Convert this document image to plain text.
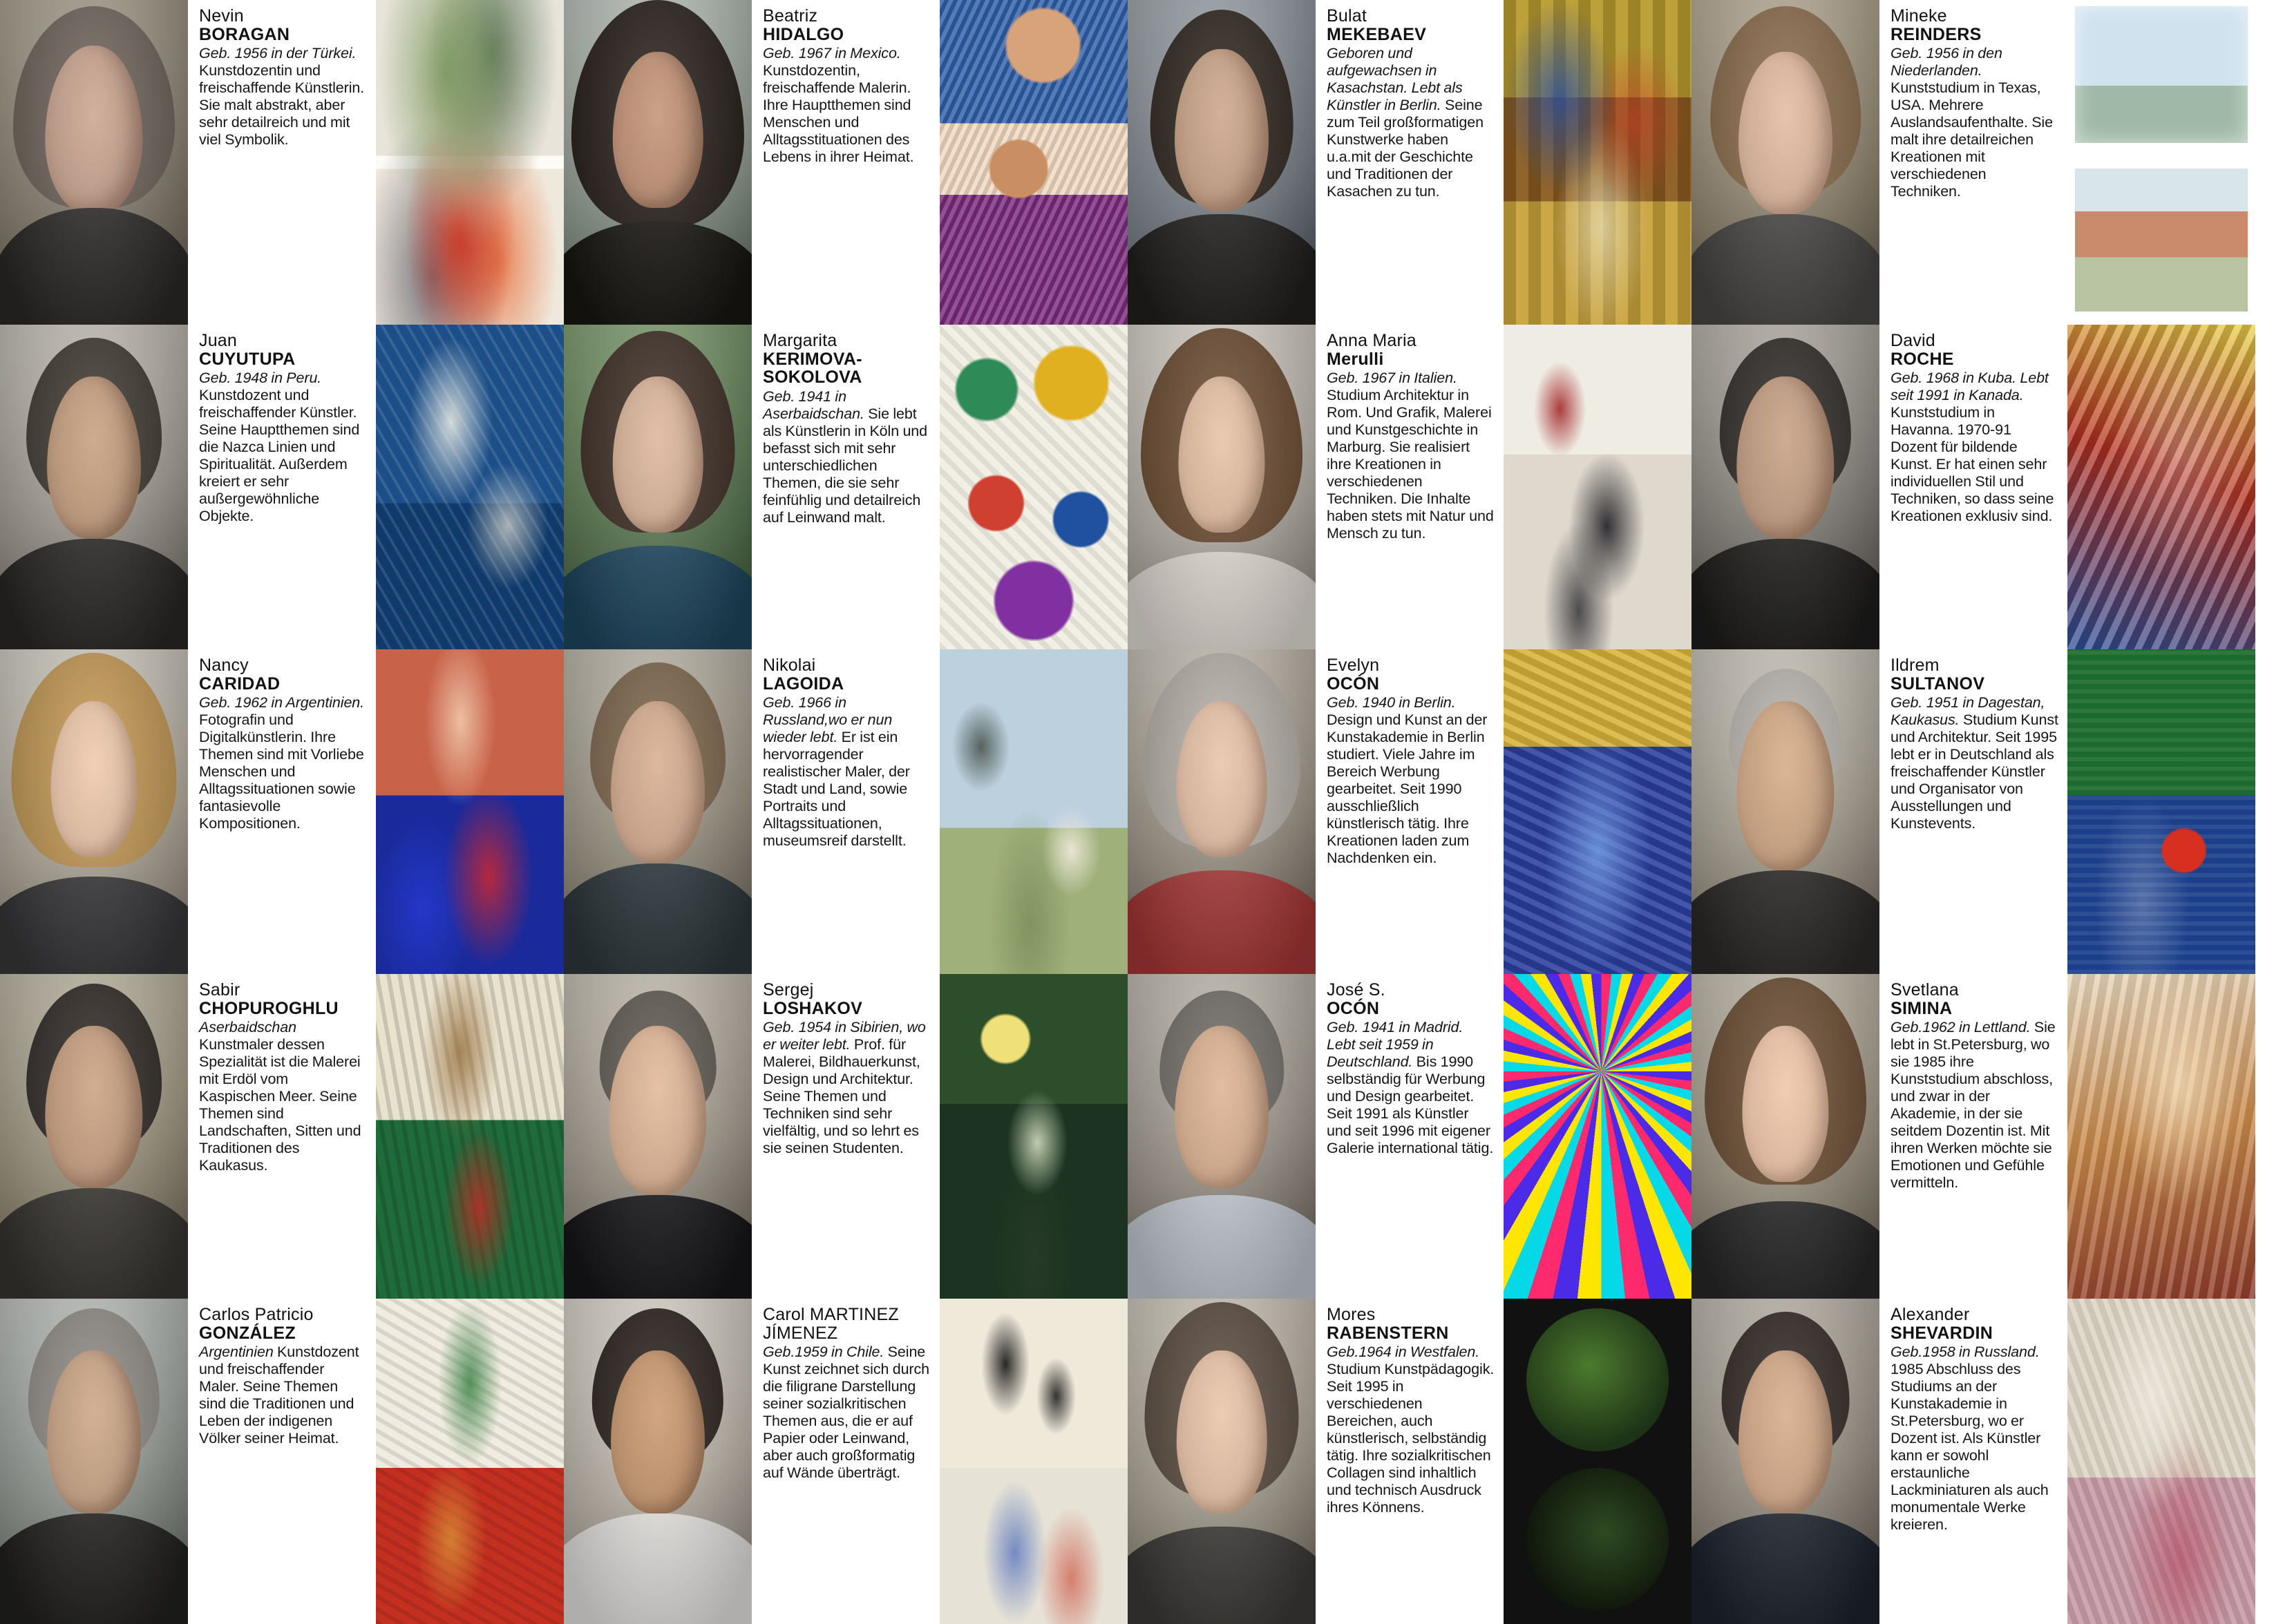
Nevin
BORAGAN
Geb. 1956 in der Türkei. Kunstdozentin und freischaffende Künstlerin. Sie malt abstrakt, aber sehr detailreich und mit viel Symbolik.
Beatriz
HIDALGO
Geb. 1967 in Mexico. Kunstdozentin, freischaffende Malerin. Ihre Hauptthemen sind Menschen und Alltagsstituationen des Lebens in ihrer Heimat.
Bulat
MEKEBAEV
Geboren und aufgewachsen in Kasachstan. Lebt als Künstler in Berlin. Seine zum Teil großformatigen Kunstwerke haben u.a.mit der Geschichte und Traditionen der Kasachen zu tun.
Mineke
REINDERS
Geb. 1956 in den Niederlanden. Kunststudium in Texas, USA. Mehrere Auslandsaufenthalte. Sie malt ihre detailreichen Kreationen mit verschiedenen Techniken.
Juan
CUYUTUPA
Geb. 1948 in Peru. Kunstdozent und freischaffender Künstler. Seine Hauptthemen sind die Nazca Linien und Spiritualität. Außerdem kreiert er sehr außergewöhnliche Objekte.
Margarita
KERIMOVA-SOKOLOVA
Geb. 1941 in Aserbaidschan. Sie lebt als Künstlerin in Köln und befasst sich mit sehr unterschiedlichen Themen, die sie sehr feinfühlig und detailreich auf Leinwand malt.
Anna Maria
Merulli
Geb. 1967 in Italien. Studium Architektur in Rom. Und Grafik, Malerei und Kunstgeschichte in Marburg. Sie realisiert ihre Kreationen in verschiedenen Techniken. Die Inhalte haben stets mit Natur und Mensch zu tun.
David
ROCHE
Geb. 1968 in Kuba. Lebt seit 1991 in Kanada. Kunststudium in Havanna. 1970-91 Dozent für bildende Kunst. Er hat einen sehr individuellen Stil und Techniken, so dass seine Kreationen exklusiv sind.
Nancy
CARIDAD
Geb. 1962 in Argentinien. Fotografin und Digitalkünstlerin. Ihre Themen sind mit Vorliebe Menschen und Alltagssituationen sowie fantasievolle Kompositionen.
Nikolai
LAGOIDA
Geb. 1966 in Russland,wo er nun wieder lebt. Er ist ein hervorragender realistischer Maler, der Stadt und Land, sowie Portraits und Alltagssituationen, museumsreif darstellt.
Evelyn
OCÓN
Geb. 1940 in Berlin. Design und Kunst an der Kunstakademie in Berlin studiert. Viele Jahre im Bereich Werbung gearbeitet. Seit 1990 ausschließlich künstlerisch tätig. Ihre Kreationen laden zum Nachdenken ein.
Ildrem
SULTANOV
Geb. 1951 in Dagestan, Kaukasus. Studium Kunst und Architektur. Seit 1995 lebt er in Deutschland als freischaffender Künstler und Organisator von Ausstellungen und Kunstevents.
Sabir
CHOPUROGHLU
Aserbaidschan Kunstmaler dessen Spezialität ist die Malerei mit Erdöl vom Kaspischen Meer. Seine Themen sind Landschaften, Sitten und Traditionen des Kaukasus.
Sergej
LOSHAKOV
Geb. 1954 in Sibirien, wo er weiter lebt. Prof. für Malerei, Bildhauerkunst, Design und Architektur. Seine Themen und Techniken sind sehr vielfältig, und so lehrt es sie seinen Studenten.
José S.
OCÓN
Geb. 1941 in Madrid. Lebt seit 1959 in Deutschland. Bis 1990 selbständig für Werbung und Design gearbeitet. Seit 1991 als Künstler und seit 1996 mit eigener Galerie international tätig.
Svetlana
SIMINA
Geb.1962 in Lettland. Sie lebt in St.Petersburg, wo sie 1985 ihre Kunststudium abschloss, und zwar in der Akademie, in der sie seitdem Dozentin ist. Mit ihren Werken möchte sie Emotionen und Gefühle vermitteln.
Carlos Patricio
GONZÁLEZ
Argentinien Kunstdozent und freischaffender Maler. Seine Themen sind die Traditionen und Leben der indigenen Völker seiner Heimat.
Carol MARTINEZ JÍMENEZ
Geb.1959 in Chile. Seine Kunst zeichnet sich durch die filigrane Darstellung seiner sozialkritischen Themen aus, die er auf Papier oder Leinwand, aber auch großformatig auf Wände überträgt.
Mores
RABENSTERN
Geb.1964 in Westfalen. Studium Kunstpädagogik. Seit 1995 in verschiedenen Bereichen, auch künstlerisch, selbständig tätig. Ihre sozialkritischen Collagen sind inhaltlich und technisch Ausdruck ihres Könnens.
Alexander
SHEVARDIN
Geb.1958 in Russland. 1985 Abschluss des Studiums an der Kunstakademie in St.Petersburg, wo er Dozent ist. Als Künstler kann er sowohl erstaunliche Lackminiaturen als auch monumentale Werke kreieren.
